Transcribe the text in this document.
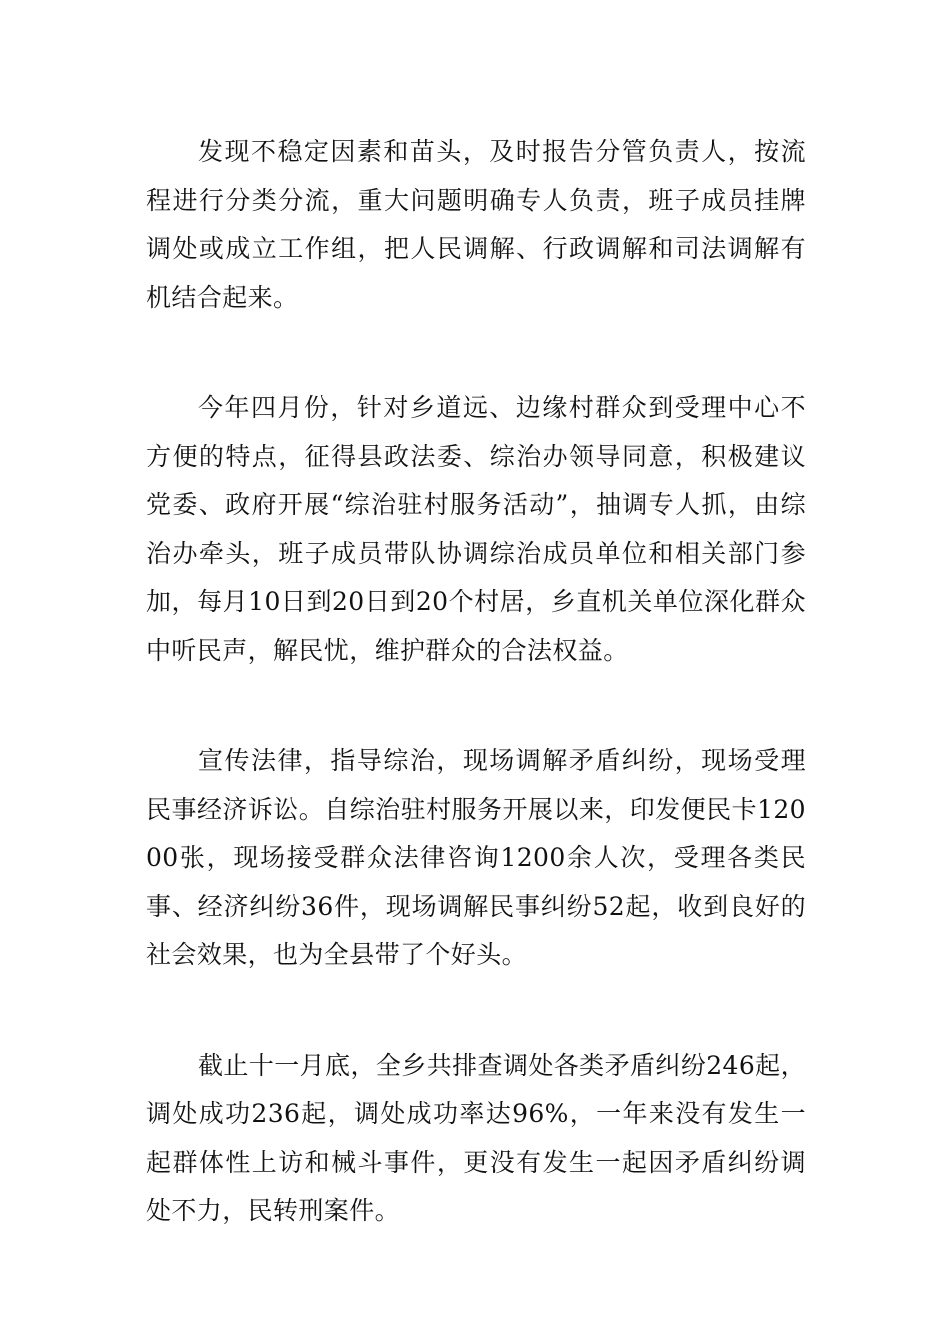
发现不稳定因素和苗头，及时报告分管负责人，按流程进行分类分流，重大问题明确专人负责，班子成员挂牌调处或成立工作组，把人民调解、行政调解和司法调解有机结合起来。

今年四月份，针对乡道远、边缘村群众到受理中心不方便的特点，征得县政法委、综治办领导同意，积极建议党委、政府开展“综治驻村服务活动”，抽调专人抓，由综治办牵头，班子成员带队协调综治成员单位和相关部门参加，每月10日到20日到20个村居，乡直机关单位深化群众中听民声，解民忧，维护群众的合法权益。

宣传法律，指导综治，现场调解矛盾纠纷，现场受理民事经济诉讼。自综治驻村服务开展以来，印发便民卡12000张，现场接受群众法律咨询1200余人次，受理各类民事、经济纠纷36件，现场调解民事纠纷52起，收到良好的社会效果，也为全县带了个好头。

截止十一月底，全乡共排查调处各类矛盾纠纷246起，调处成功236起，调处成功率达96%，一年来没有发生一起群体性上访和械斗事件，更没有发生一起因矛盾纠纷调处不力，民转刑案件。
